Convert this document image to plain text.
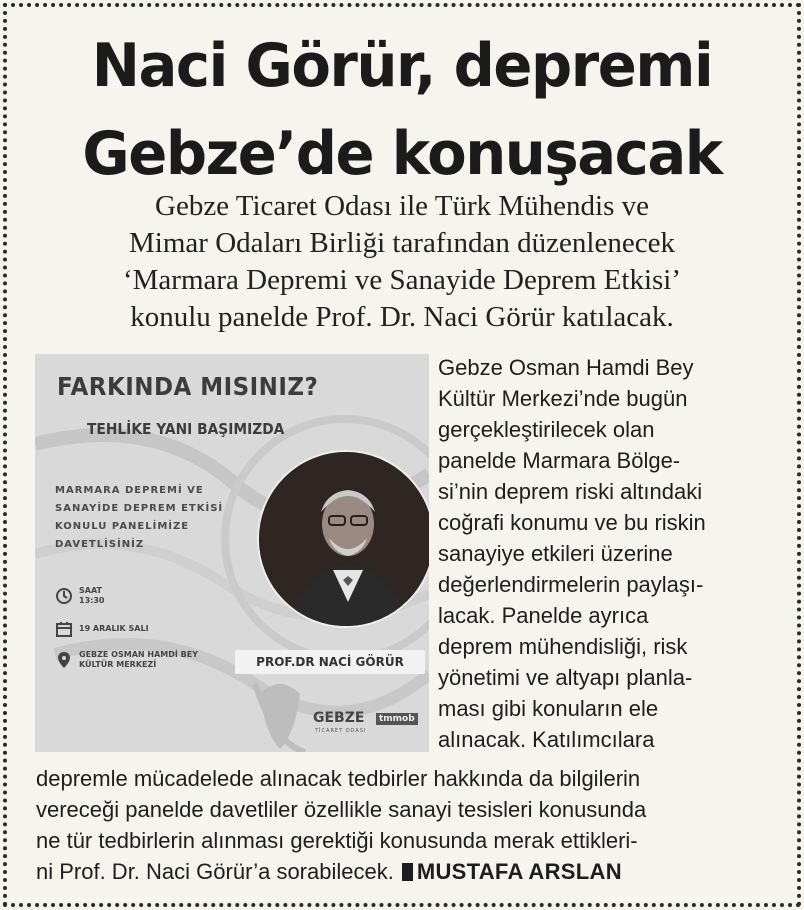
Naci Görür, depremi
Gebze’de konuşacak
Gebze Ticaret Odası ile Türk Mühendis ve
Mimar Odaları Birliği tarafından düzenlenecek
‘Marmara Depremi ve Sanayide Deprem Etkisi’
konulu panelde Prof. Dr. Naci Görür katılacak.
FARKINDA MISINIZ?
TEHLİKE YANI BAŞIMIZDA
MARMARA DEPREMİ VE
SANAYİDE DEPREM ETKİSİ
KONULU PANELİMİZE
DAVETLİSİNİZ
SAAT
13:30
19 ARALIK SALI
GEBZE OSMAN HAMDİ BEY
KÜLTÜR MERKEZİ	PROF.DR NACİ GÖRÜR
GEBZE
TİCARET ODASI
tmmob
Gebze Osman Hamdi Bey
Kültür Merkezi’nde bugün
gerçekleştirilecek olan
panelde Marmara Bölge-
si’nin deprem riski altındaki
coğrafi konumu ve bu riskin
sanayiye etkileri üzerine
değerlendirmelerin paylaşı-
lacak. Panelde ayrıca
deprem mühendisliği, risk
yönetimi ve altyapı planla-
ması gibi konuların ele
alınacak. Katılımcılara
depremle mücadelede alınacak tedbirler hakkında da bilgilerin
vereceği panelde davetliler özellikle sanayi tesisleri konusunda
ne tür tedbirlerin alınması gerektiği konusunda merak ettikleri-
ni Prof. Dr. Naci Görür’a sorabilecek. MUSTAFA ARSLAN
